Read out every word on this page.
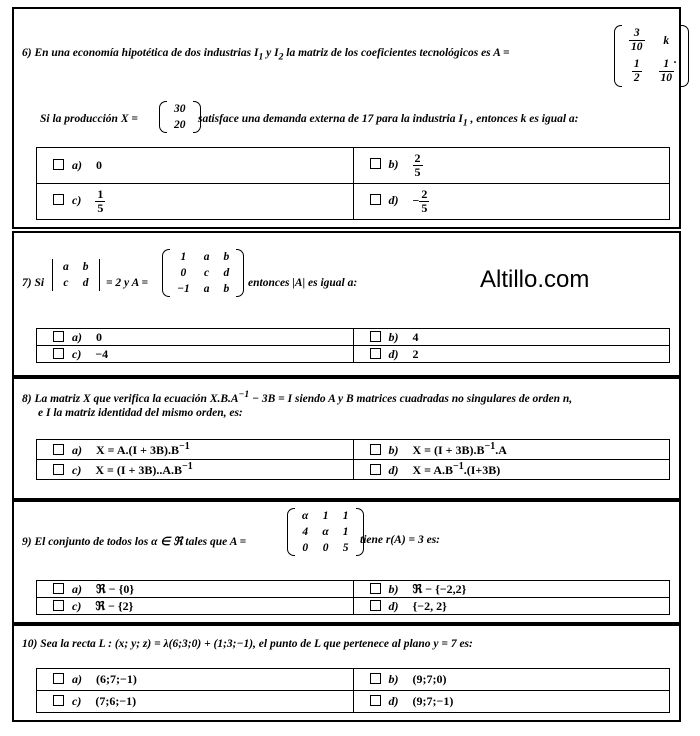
6) En una economía hipotética de dos industrias $I_1$ y $I_2$ la matriz de los coeficientes tecnológicos es A =	$\frac{3}{10}$	k

$\frac{1}{2}$	$\frac{1}{10}$ .
Si la producción X =
30
20 satisface una demanda externa de 17 para la industria $I_1$ , entonces k es igual a:
a) 0	$b) \frac{2}{5}$

$c) \frac{1}{5}$	$d) - \frac{2}{5}$
7) Si
a	b
c	d = 2 y A =
1	a	b
0	c	d
−1	a	b entonces |A| es igual a:
a) 0	b) 4
c) −4	d) 2
Altillo.com
8) La matriz X que verifica la ecuación $X.B.A^{-1} - 3B = I$ siendo A y B matrices cuadradas no singulares de orden n,
e I la matriz identidad del mismo orden, es:
a) $X = A.(I + 3B).B^{-1}$	b) $X = (I + 3B).B^{-1}.A$
c) $X = (I + 3B)..A.B^{-1}$	d) $X = A.B^{-1}.(I+3B)$
9) El conjunto de todos los α ∈ ℜ tales que A =
α	1	1
4	α	1
0	0	5
tiene r(A) = 3 es:
a) ℜ − {0}	b) ℜ − {−2,2}
c) ℜ − {2}	d) {−2, 2}
10) Sea la recta L : (x; y; z) = λ(6;3;0) + (1;3;−1), el punto de L que pertenece al plano y = 7 es:
a) (6;7;−1)	b) (9;7;0)
c) (7;6;−1)	d) (9;7;−1)
